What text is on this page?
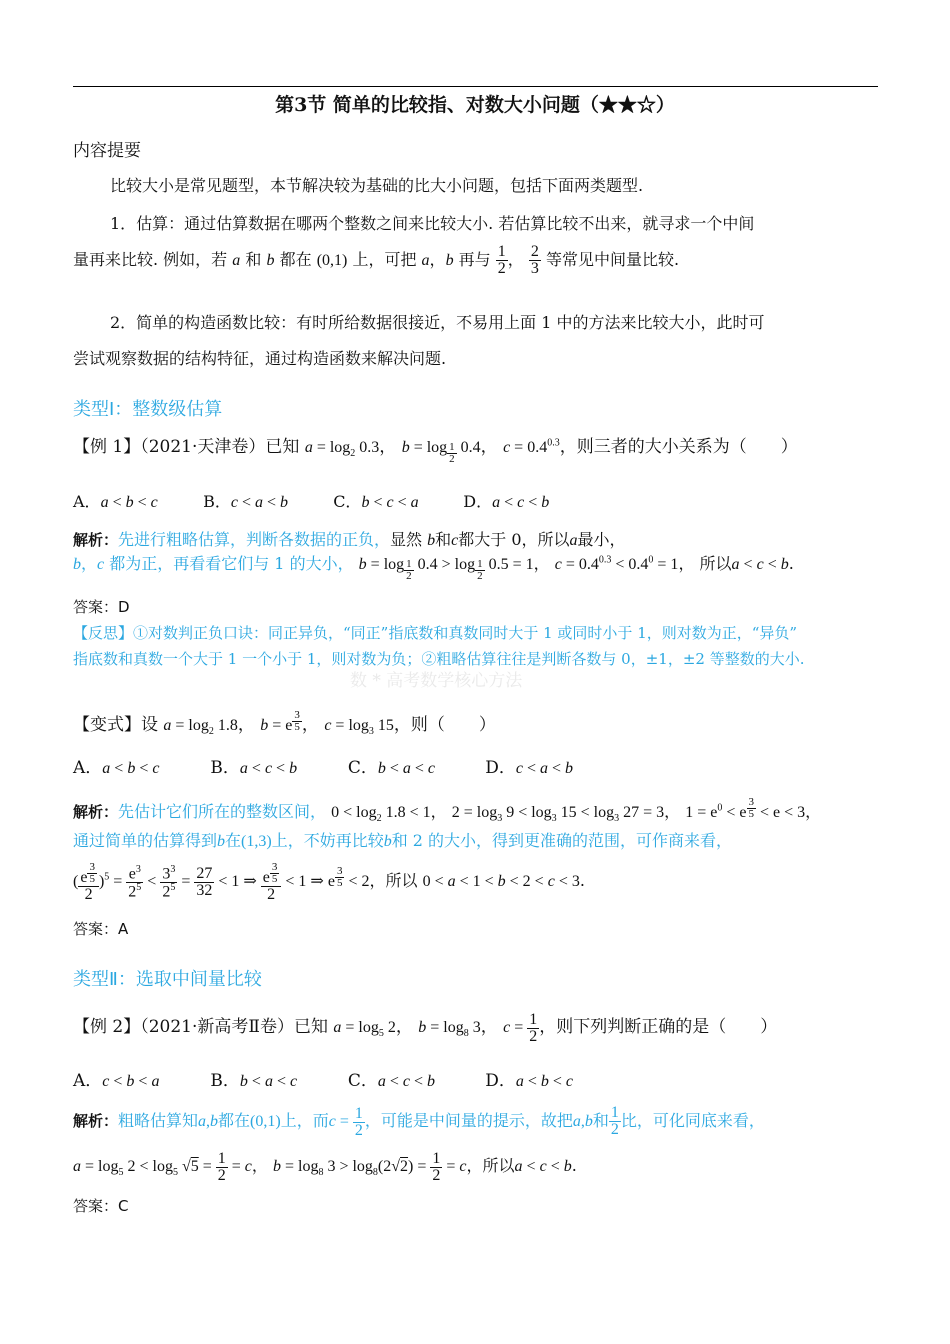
第3节 简单的比较指、对数大小问题（★★☆）
内容提要
比较大小是常见题型，本节解决较为基础的比大小问题，包括下面两类题型.
1．估算：通过估算数据在哪两个整数之间来比较大小. 若估算比较不出来，就寻求一个中间
量再来比较. 例如，若 a 和 b 都在 (0,1) 上，可把 a，b 再与 $\frac{1}{2}$ ， $\frac{2}{3}$ 等常见中间量比较.
2．简单的构造函数比较：有时所给数据很接近，不易用上面 1 中的方法来比较大小，此时可
尝试观察数据的结构特征，通过构造函数来解决问题.
类型Ⅰ：整数级估算
【例 1】（2021·天津卷）已知 $a = \log_2 0.3$， b = log $_{\frac{1}{2}}$ 0.4， $c = 0.4^{0.3}$，则三者的大小关系为（　　）
A．a < b < c	B．c < a < b	C．b < c < a	D．a < c < b
解析：先进行粗略估算，判断各数据的正负，显然 b和c都大于 0，所以a最小，
b，c 都为正，再看看它们与 1 的大小， b = log $_{\frac{1}{2}}$ 0.4 > log $_{\frac{1}{2}}$ 0.5 = 1， $c = 0.4^{0.3} < 0.4^0 = 1$， 所以a < c < b.
答案：D
【反思】①对数判正负口诀：同正异负，“同正”指底数和真数同时大于 1 或同时小于 1，则对数为正，“异负”
指底数和真数一个大于 1 一个小于 1，则对数为负；②粗略估算往往是判断各数与 0，±1，±2 等整数的大小.
数 * 高考数学核心方法
【变式】设 $a = \log_2 1.8$， b = e $^{\frac{3}{5}}$ ， $c = \log_3 15$，则（　　）
A．a < b < c	B．a < c < b	C．b < a < c	D．c < a < b
解析：先估计它们所在的整数区间， $0 < \log_2 1.8 < 1$， $2 = \log_3 9 < \log_3 15 < \log_3 27 = 3$， $1 = e^0 < e$ $^{\frac{3}{5}}$ < e < 3，
通过简单的估算得到b在(1,3)上，不妨再比较b和 2 的大小，得到更准确的范围，可作商来看，
( e $^{\frac{3}{5}}$
2 )$^5 = \frac{e^3}{2^5} < \frac{3^3}{2^5} = \frac{27}{32} < 1$ ⇒ e $^{\frac{3}{5}}$
2 < 1 ⇒ e $^{\frac{3}{5}}$ < 2，所以 0 < a < 1 < b < 2 < c < 3.
答案：A
类型Ⅱ：选取中间量比较
【例 2】（2021·新高考Ⅱ卷）已知 $a = \log_5 2$， $b = \log_8 3$， $c = \frac{1}{2}$ ，则下列判断正确的是（　　）
A．c < b < a	B．b < a < c	C．a < c < b	D．a < b < c
解析：粗略估算知a,b都在(0,1)上，而$c = \frac{1}{2}$ ，可能是中间量的提示，故把a,b和 $\frac{1}{2}$ 比，可化同底来看，
$a = \log_5 2 < \log_5 √5 = \frac{1}{2} = c$， $b = \log_8 3 > \log_8(2√2) = \frac{1}{2} = c$，所以a < c < b.
答案：C
